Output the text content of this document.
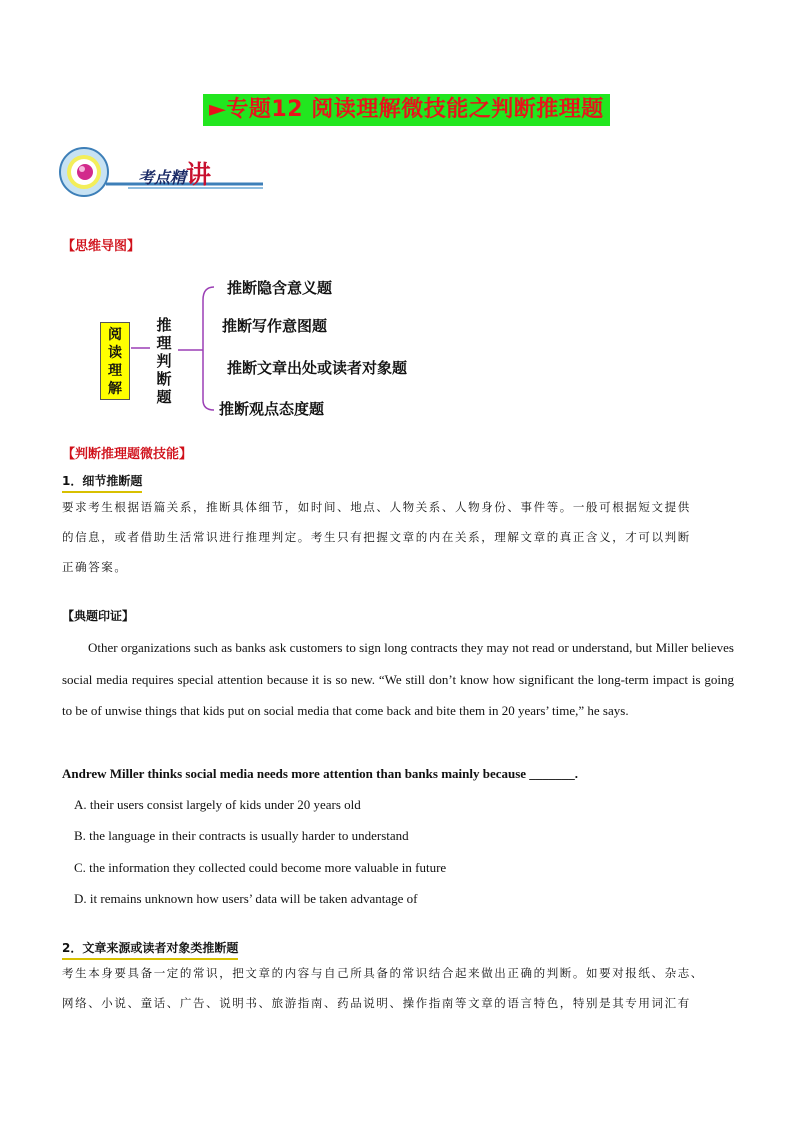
►专题12 阅读理解微技能之判断推理题
考点精讲
【思维导图】
阅
读
理
解
推
理
判
断
题
推断隐含意义题
推断写作意图题
推断文章出处或读者对象题
推断观点态度题
【判断推理题微技能】
1．细节推断题
要求考生根据语篇关系，推断具体细节，如时间、地点、人物关系、人物身份、事件等。一般可根据短文提供
的信息，或者借助生活常识进行推理判定。考生只有把握文章的内在关系，理解文章的真正含义，才可以判断
正确答案。
【典题印证】
Other organizations such as banks ask customers to sign long contracts they may not read or understand, but Miller believes social media requires special attention because it is so new. “We still don’t know how significant the long-term impact is going to be of unwise things that kids put on social media that come back and bite them in 20 years’ time,” he says.
Andrew Miller thinks social media needs more attention than banks mainly because _______.
A. their users consist largely of kids under 20 years old
B. the language in their contracts is usually harder to understand
C. the information they collected could become more valuable in future
D. it remains unknown how users’ data will be taken advantage of
2．文章来源或读者对象类推断题
考生本身要具备一定的常识，把文章的内容与自己所具备的常识结合起来做出正确的判断。如要对报纸、杂志、
网络、小说、童话、广告、说明书、旅游指南、药品说明、操作指南等文章的语言特色，特别是其专用词汇有
